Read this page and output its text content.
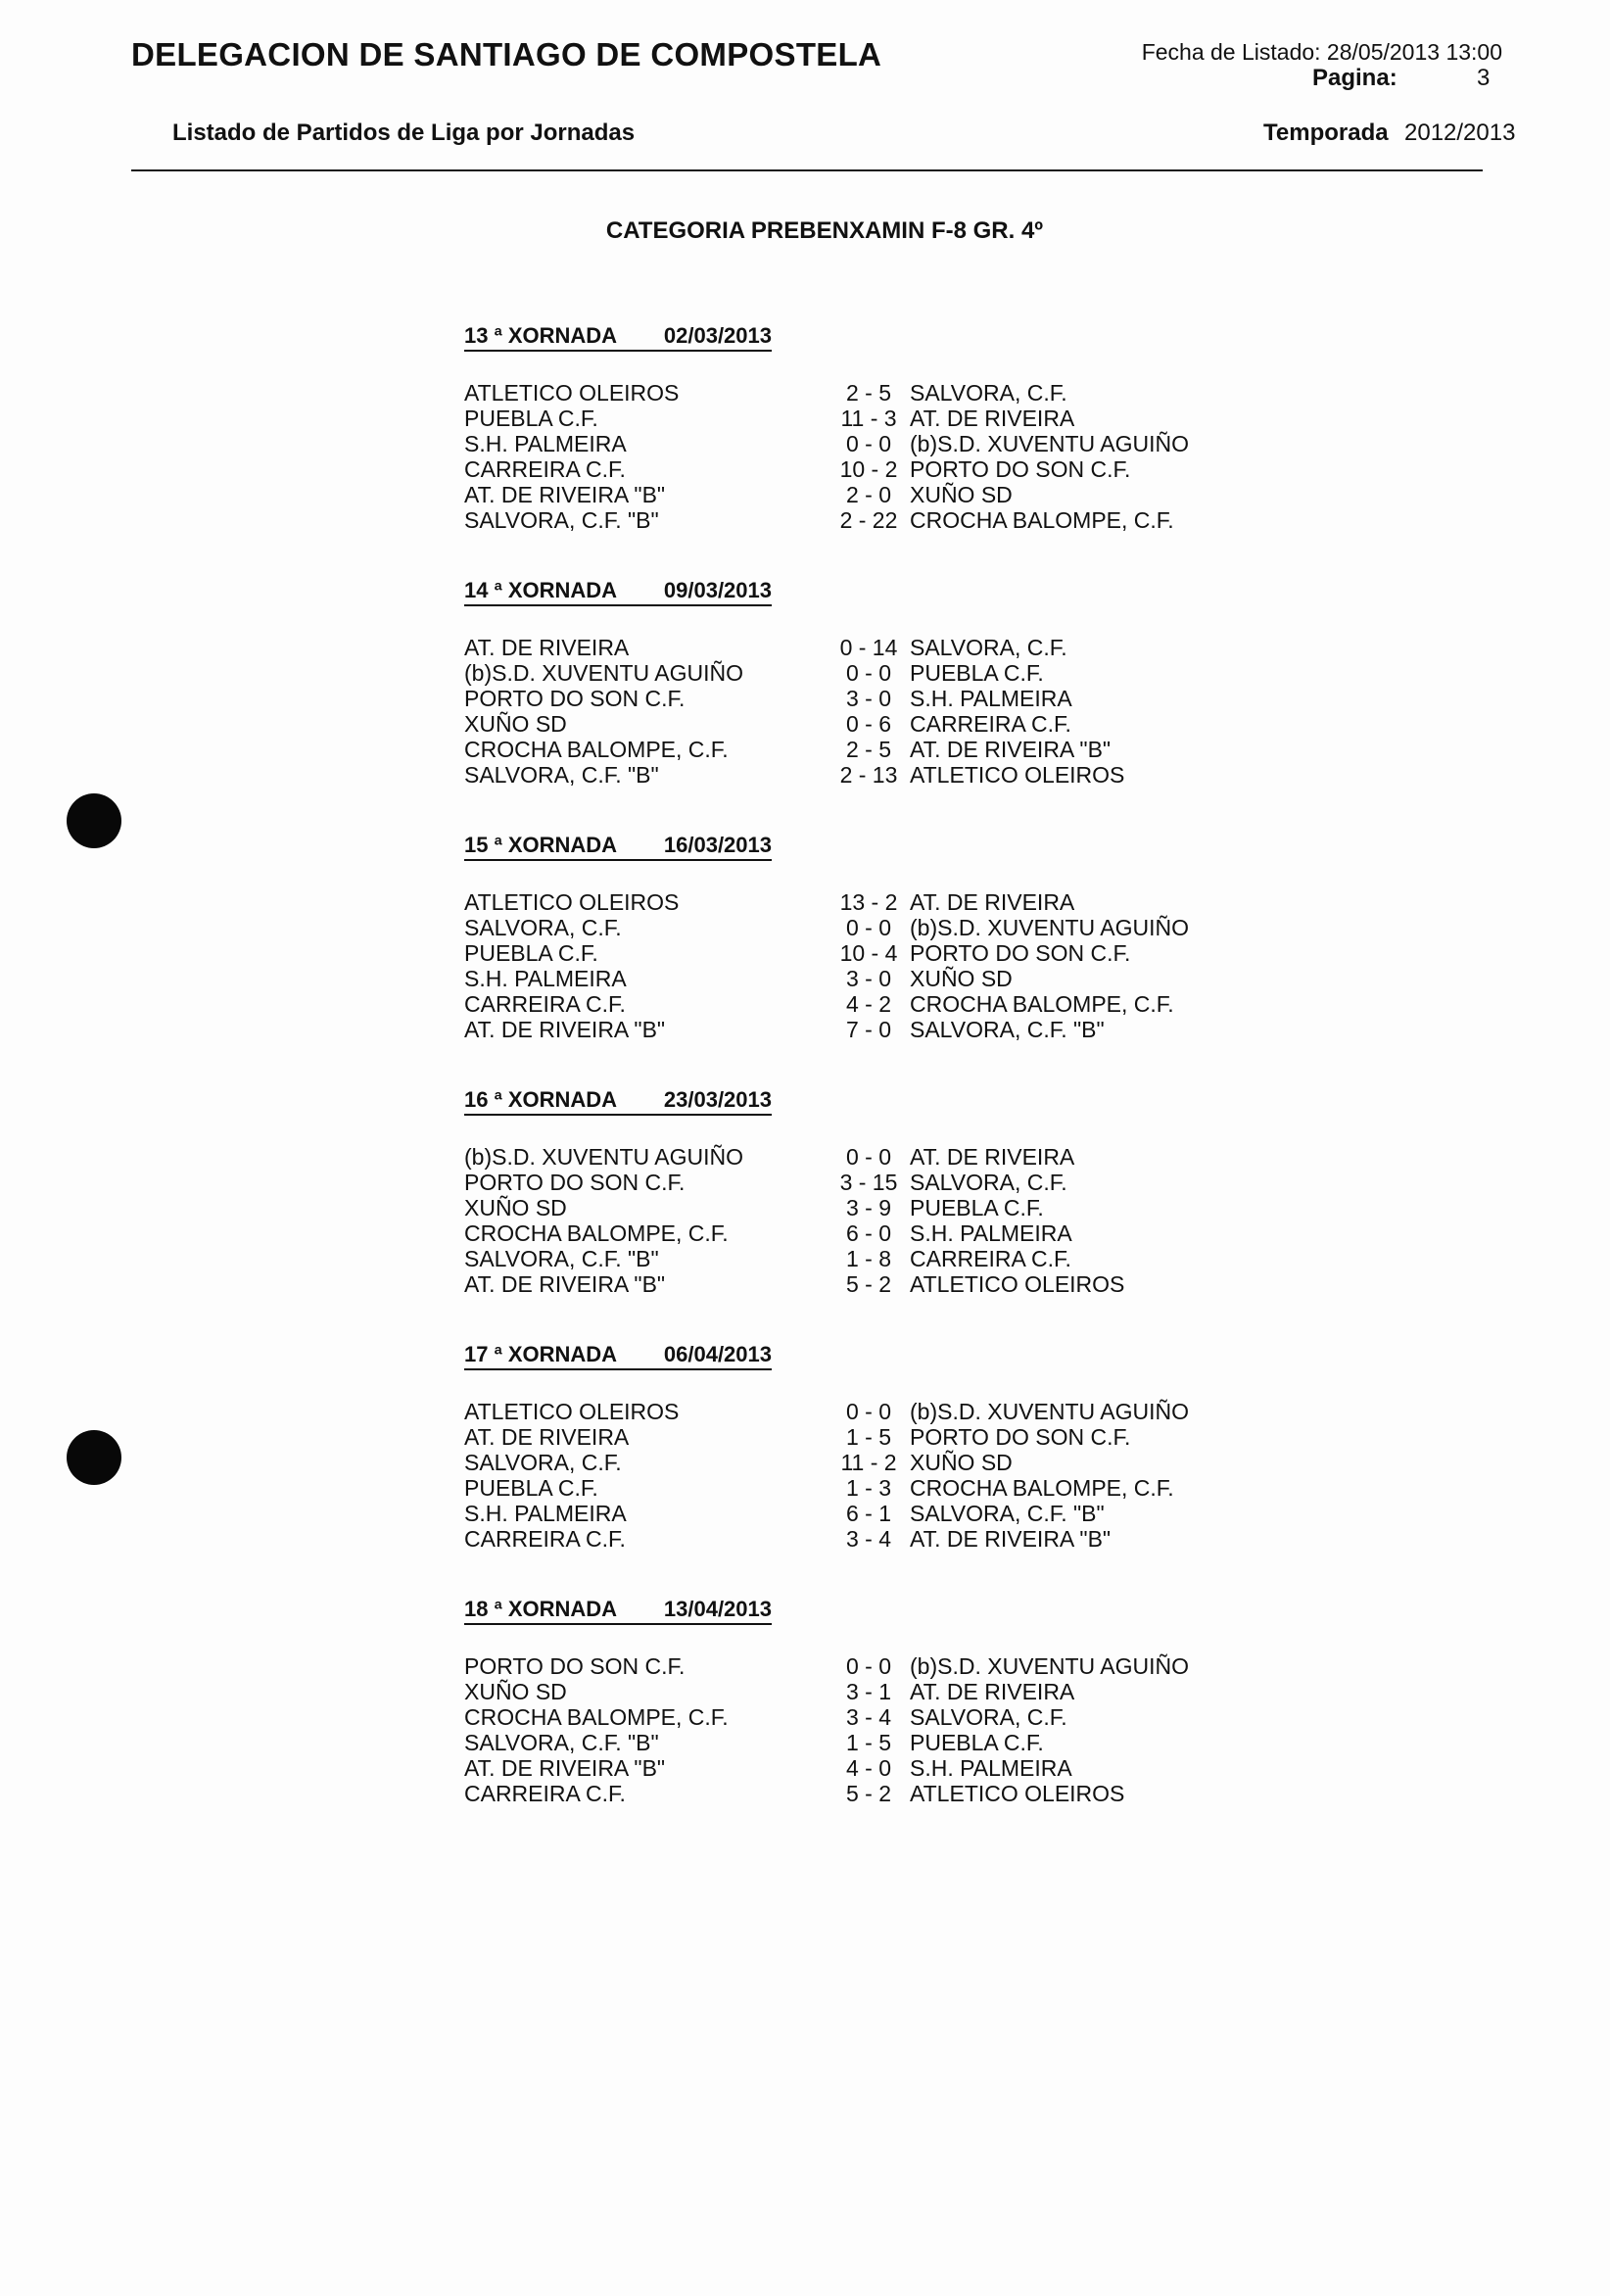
DELEGACION DE SANTIAGO DE COMPOSTELA
Listado de Partidos de Liga por Jornadas
Fecha de Listado: 28/05/2013 13:00
Pagina:	3
Temporada 2012/2013
CATEGORIA PREBENXAMIN F-8 GR. 4º
13 ª XORNADA 02/03/2013
ATLETICO OLEIROS	2 - 5 SALVORA, C.F.
PUEBLA C.F.	11 - 3 AT. DE RIVEIRA
S.H. PALMEIRA	0 - 0 (b)S.D. XUVENTU AGUIÑO
CARREIRA C.F.	10 - 2 PORTO DO SON C.F.
AT. DE RIVEIRA "B"	2 - 0 XUÑO SD
SALVORA, C.F. "B"	2 - 22 CROCHA BALOMPE, C.F.
14 ª XORNADA 09/03/2013
AT. DE RIVEIRA	0 - 14 SALVORA, C.F.
(b)S.D. XUVENTU AGUIÑO	0 - 0 PUEBLA C.F.
PORTO DO SON C.F.	3 - 0 S.H. PALMEIRA
XUÑO SD	0 - 6 CARREIRA C.F.
CROCHA BALOMPE, C.F.	2 - 5 AT. DE RIVEIRA "B"
SALVORA, C.F. "B"	2 - 13 ATLETICO OLEIROS
15 ª XORNADA 16/03/2013
ATLETICO OLEIROS	13 - 2 AT. DE RIVEIRA
SALVORA, C.F.	0 - 0 (b)S.D. XUVENTU AGUIÑO
PUEBLA C.F.	10 - 4 PORTO DO SON C.F.
S.H. PALMEIRA	3 - 0 XUÑO SD
CARREIRA C.F.	4 - 2 CROCHA BALOMPE, C.F.
AT. DE RIVEIRA "B"	7 - 0 SALVORA, C.F. "B"
16 ª XORNADA 23/03/2013
(b)S.D. XUVENTU AGUIÑO	0 - 0 AT. DE RIVEIRA
PORTO DO SON C.F.	3 - 15 SALVORA, C.F.
XUÑO SD	3 - 9 PUEBLA C.F.
CROCHA BALOMPE, C.F.	6 - 0 S.H. PALMEIRA
SALVORA, C.F. "B"	1 - 8 CARREIRA C.F.
AT. DE RIVEIRA "B"	5 - 2 ATLETICO OLEIROS
17 ª XORNADA 06/04/2013
ATLETICO OLEIROS	0 - 0 (b)S.D. XUVENTU AGUIÑO
AT. DE RIVEIRA	1 - 5 PORTO DO SON C.F.
SALVORA, C.F.	11 - 2 XUÑO SD
PUEBLA C.F.	1 - 3 CROCHA BALOMPE, C.F.
S.H. PALMEIRA	6 - 1 SALVORA, C.F. "B"
CARREIRA C.F.	3 - 4 AT. DE RIVEIRA "B"
18 ª XORNADA 13/04/2013
PORTO DO SON C.F.	0 - 0 (b)S.D. XUVENTU AGUIÑO
XUÑO SD	3 - 1 AT. DE RIVEIRA
CROCHA BALOMPE, C.F.	3 - 4 SALVORA, C.F.
SALVORA, C.F. "B"	1 - 5 PUEBLA C.F.
AT. DE RIVEIRA "B"	4 - 0 S.H. PALMEIRA
CARREIRA C.F.	5 - 2 ATLETICO OLEIROS
